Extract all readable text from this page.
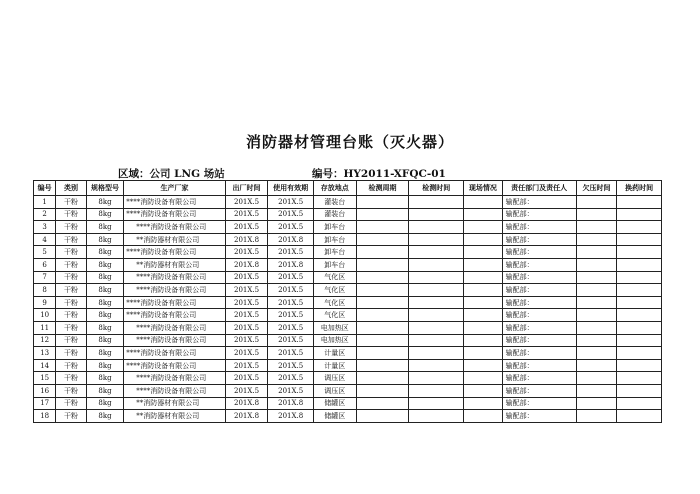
消防器材管理台账（灭火器）
区域：公司 LNG 场站	编号：HY2011-XFQC-01
编号	类别	规格型号	生产厂家	出厂时间	使用有效期	存放地点	检测周期	检测时间	现场情况	责任部门及责任人	欠压时间	换药时间
1	干粉	8kg	****消防设备有限公司	201X.5	201X.5	灌装台				输配部：		
2	干粉	8kg	****消防设备有限公司	201X.5	201X.5	灌装台				输配部：		
3	干粉	8kg	****消防设备有限公司	201X.5	201X.5	卸车台				输配部：		
4	干粉	8kg	**消防器材有限公司	201X.8	201X.8	卸车台				输配部：		
5	干粉	8kg	****消防设备有限公司	201X.5	201X.5	卸车台				输配部：		
6	干粉	8kg	**消防器材有限公司	201X.8	201X.8	卸车台				输配部：		
7	干粉	8kg	****消防设备有限公司	201X.5	201X.5	气化区				输配部：		
8	干粉	8kg	****消防设备有限公司	201X.5	201X.5	气化区				输配部：		
9	干粉	8kg	****消防设备有限公司	201X.5	201X.5	气化区				输配部：		
10	干粉	8kg	****消防设备有限公司	201X.5	201X.5	气化区				输配部：		
11	干粉	8kg	****消防设备有限公司	201X.5	201X.5	电加热区				输配部：		
12	干粉	8kg	****消防设备有限公司	201X.5	201X.5	电加热区				输配部：		
13	干粉	8kg	****消防设备有限公司	201X.5	201X.5	计量区				输配部：		
14	干粉	8kg	****消防设备有限公司	201X.5	201X.5	计量区				输配部：		
15	干粉	8kg	****消防设备有限公司	201X.5	201X.5	调压区				输配部：		
16	干粉	8kg	****消防设备有限公司	201X.5	201X.5	调压区				输配部：		
17	干粉	8kg	**消防器材有限公司	201X.8	201X.8	储罐区				输配部：		
18	干粉	8kg	**消防器材有限公司	201X.8	201X.8	储罐区				输配部：		
